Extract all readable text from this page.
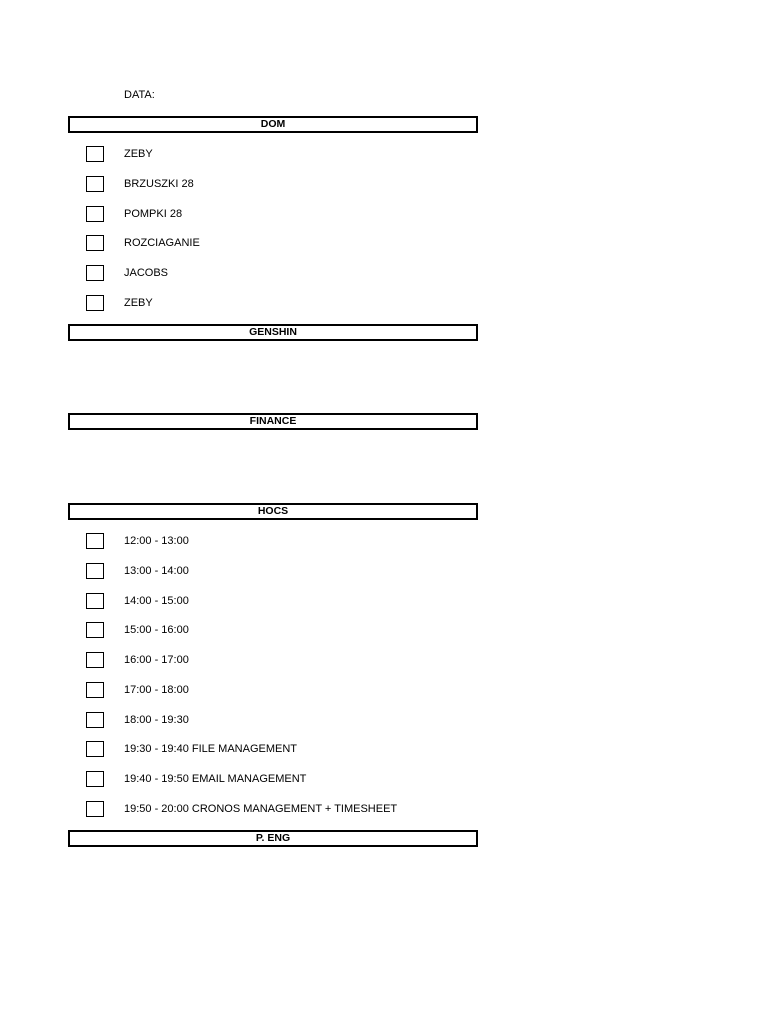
DATA:
DOM
ZEBY
BRZUSZKI 28
POMPKI 28
ROZCIAGANIE
JACOBS
ZEBY
GENSHIN
FINANCE
HOCS
12:00 - 13:00
13:00 - 14:00
14:00 - 15:00
15:00 - 16:00
16:00 - 17:00
17:00 - 18:00
18:00 - 19:30
19:30 - 19:40 FILE MANAGEMENT
19:40 - 19:50 EMAIL MANAGEMENT
19:50 - 20:00 CRONOS MANAGEMENT + TIMESHEET
P. ENG
